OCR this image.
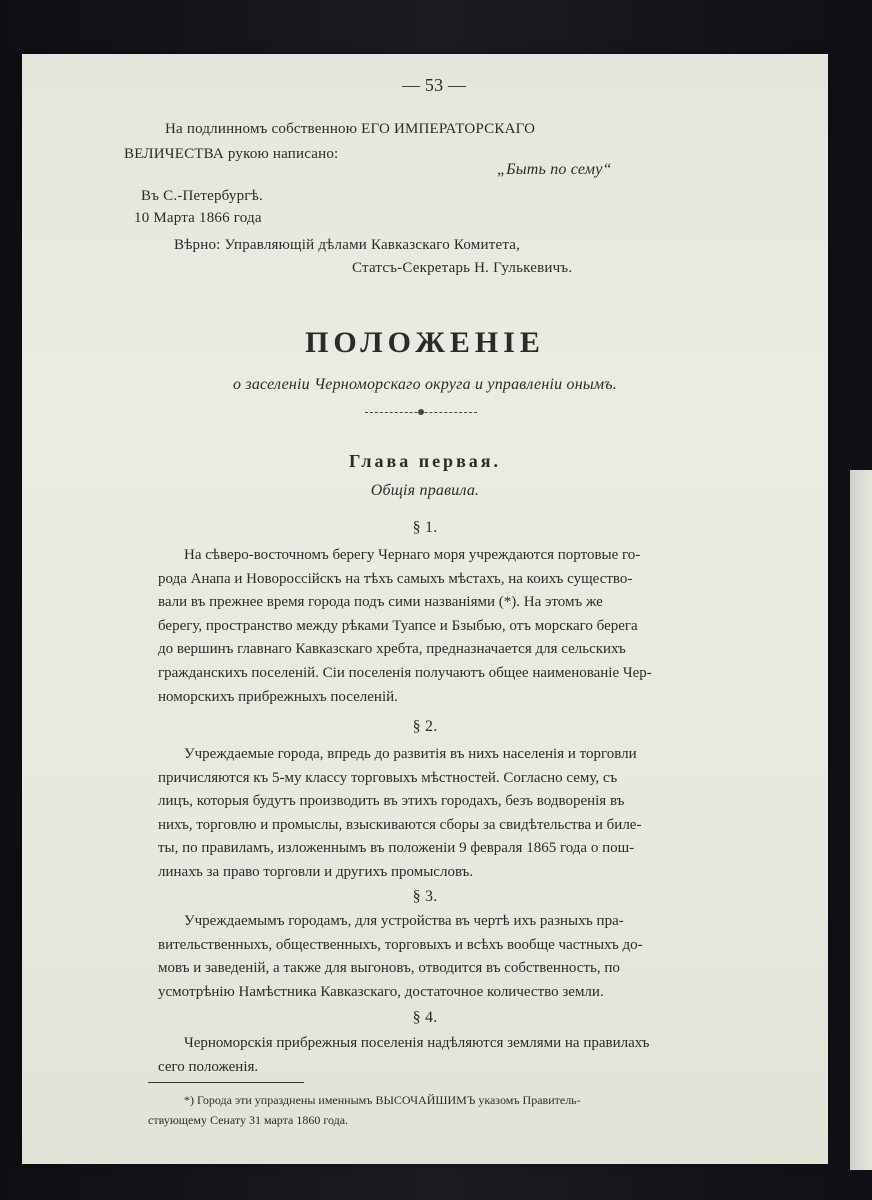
— 53 —
На подлинномъ собственною ЕГО ИМПЕРАТОРСКАГО
ВЕЛИЧЕСТВА рукою написано:
„Быть по сему“
Въ С.-Петербургѣ.
10 Марта 1866 года
Вѣрно: Управляющій дѣлами Кавказскаго Комитета,
Статсъ-Секретарь Н. Гулькевичъ.
ПОЛОЖЕНІЕ
о заселеніи Черноморскаго округа и управленіи онымъ.
Глава первая.
Общія правила.
§ 1.
На сѣверо-восточномъ берегу Чернаго моря учреждаются портовые го-
рода Анапа и Новороссійскъ на тѣхъ самыхъ мѣстахъ, на коихъ существо-
вали въ прежнее время города подъ сими названіями (*). На этомъ же
берегу, пространство между рѣками Туапсе и Бзыбью, отъ морскаго берега
до вершинъ главнаго Кавказскаго хребта, предназначается для сельскихъ
гражданскихъ поселеній. Сіи поселенія получаютъ общее наименованіе Чер-
номорскихъ прибрежныхъ поселеній.
§ 2.
Учреждаемые города, впредь до развитія въ нихъ населенія и торговли
причисляются къ 5-му классу торговыхъ мѣстностей. Согласно сему, съ
лицъ, которыя будутъ производить въ этихъ городахъ, безъ водворенія въ
нихъ, торговлю и промыслы, взыскиваются сборы за свидѣтельства и биле-
ты, по правиламъ, изложеннымъ въ положеніи 9 февраля 1865 года о пош-
линахъ за право торговли и другихъ промысловъ.
§ 3.
Учреждаемымъ городамъ, для устройства въ чертѣ ихъ разныхъ пра-
вительственныхъ, общественныхъ, торговыхъ и всѣхъ вообще частныхъ до-
мовъ и заведеній, а также для выгоновъ, отводится въ собственность, по
усмотрѣнію Намѣстника Кавказскаго, достаточное количество земли.
§ 4.
Черноморскія прибрежныя поселенія надѣляются землями на правилахъ
сего положенія.
*) Города эти упразднены именнымъ ВЫСОЧАЙШИМЪ указомъ Правитель-
ствующему Сенату 31 марта 1860 года.
